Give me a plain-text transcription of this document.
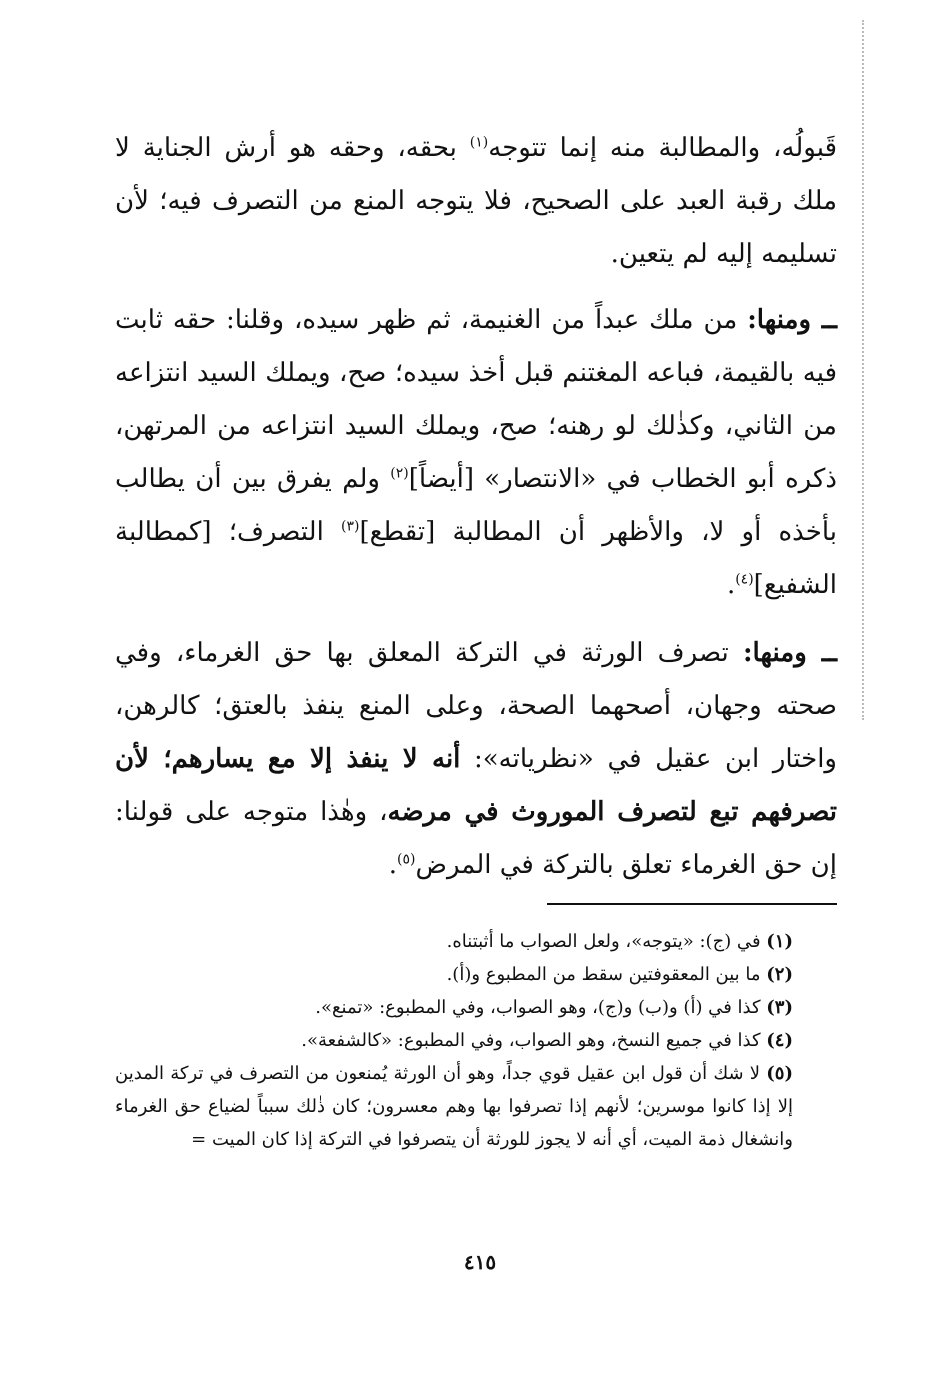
قَبولُه، والمطالبة منه إنما تتوجه$^{(١)}$ بحقه، وحقه هو أرش الجناية لا ملك رقبة العبد على الصحيح، فلا يتوجه المنع من التصرف فيه؛ لأن تسليمه إليه لم يتعين.

ــ ومنها: من ملك عبداً من الغنيمة، ثم ظهر سيده، وقلنا: حقه ثابت فيه بالقيمة، فباعه المغتنم قبل أخذ سيده؛ صح، ويملك السيد انتزاعه من الثاني، وكذٰلك لو رهنه؛ صح، ويملك السيد انتزاعه من المرتهن، ذكره أبو الخطاب في «الانتصار» [أيضاً]$^{(٢)}$ ولم يفرق بين أن يطالب بأخذه أو لا، والأظهر أن المطالبة [تقطع]$^{(٣)}$ التصرف؛ [كمطالبة الشفيع]$^{(٤)}$.

ــ ومنها: تصرف الورثة في التركة المعلق بها حق الغرماء، وفي صحته وجهان، أصحهما الصحة، وعلى المنع ينفذ بالعتق؛ كالرهن، واختار ابن عقيل في «نظرياته»: أنه لا ينفذ إلا مع يسارهم؛ لأن تصرفهم تبع لتصرف الموروث في مرضه، وهٰذا متوجه على قولنا: إن حق الغرماء تعلق بالتركة في المرض$^{(٥)}$.

(١) في (ج): «يتوجه»، ولعل الصواب ما أثبتناه.

(٢) ما بين المعقوفتين سقط من المطبوع و(أ).

(٣) كذا في (أ) و(ب) و(ج)، وهو الصواب، وفي المطبوع: «تمنع».

(٤) كذا في جميع النسخ، وهو الصواب، وفي المطبوع: «كالشفعة».

(٥) لا شك أن قول ابن عقيل قوي جداً، وهو أن الورثة يُمنعون من التصرف في تركة المدين إلا إذا كانوا موسرين؛ لأنهم إذا تصرفوا بها وهم معسرون؛ كان ذٰلك سبباً لضياع حق الغرماء وانشغال ذمة الميت، أي أنه لا يجوز للورثة أن يتصرفوا في التركة إذا كان الميت =

٤١٥
